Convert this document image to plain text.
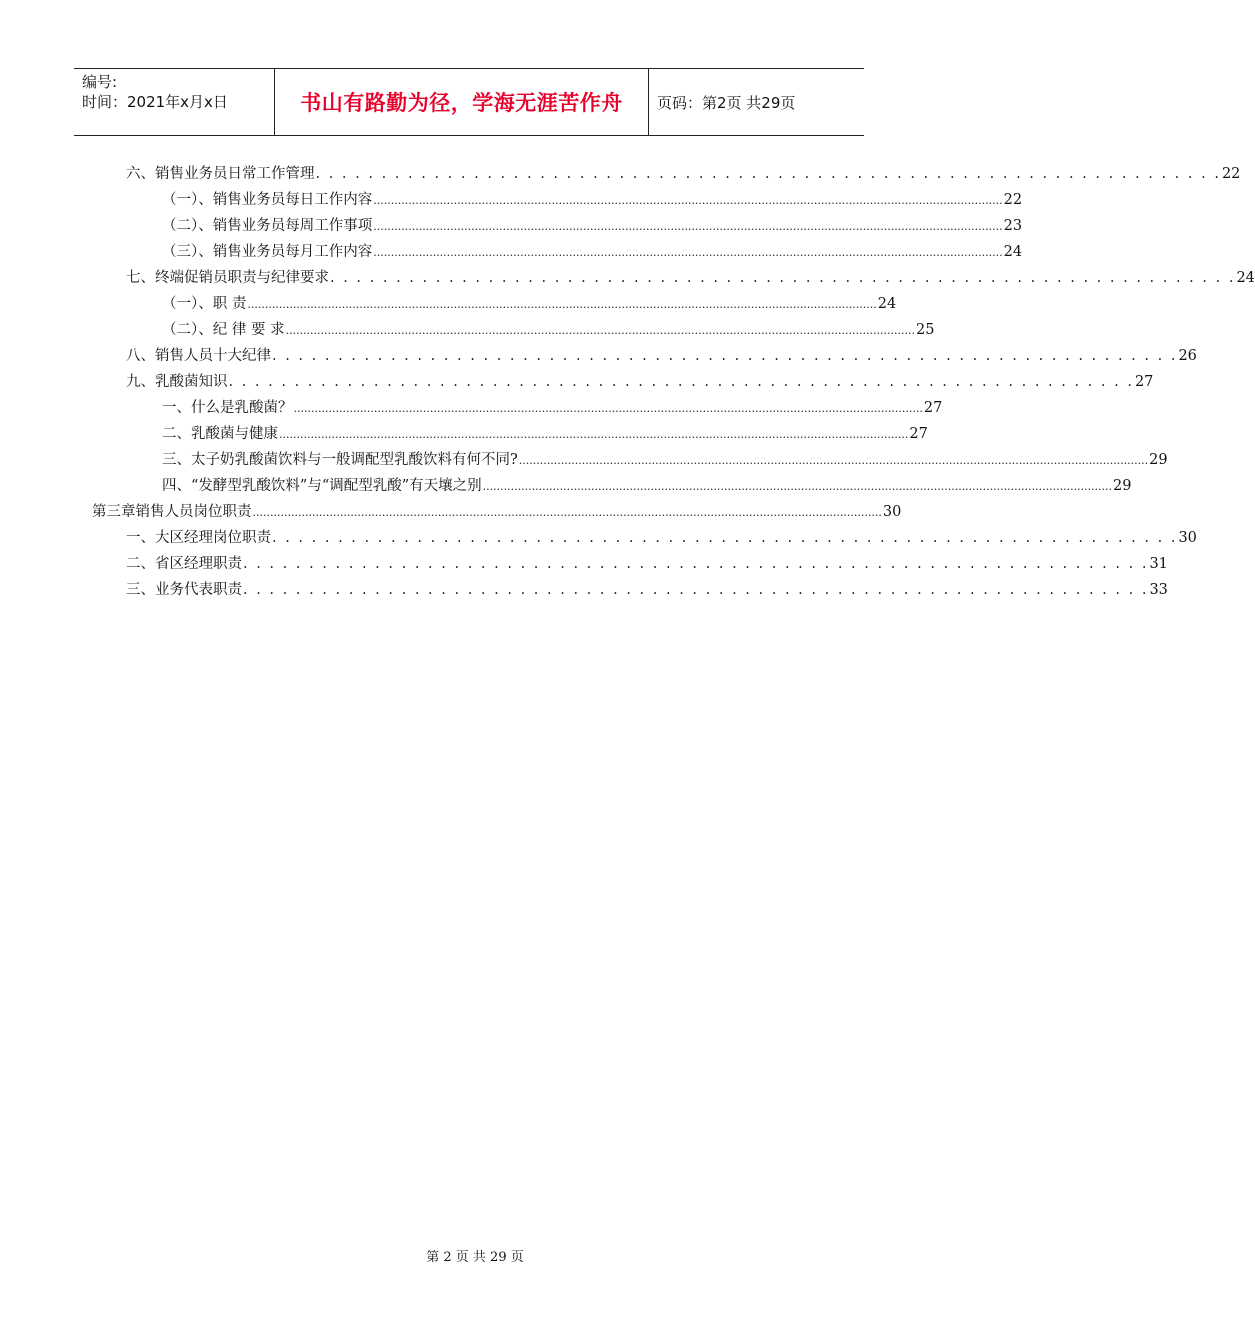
编号:
时间：2021年x月x日	书山有路勤为径，学海无涯苦作舟	页码：第2页 共29页
六、销售业务员日常工作管理 . . . . . . . . . . . . . . . . . . . . . . . . . . . . . . . . . . . . . . . . . . . . . . . . . . . . . . . . . . . . . . . . . . . . . 22
（一）、销售业务员每日工作内容 .................................................................................................................................................................................... 22
（二）、销售业务员每周工作事项 .................................................................................................................................................................................... 23
（三）、销售业务员每月工作内容 .................................................................................................................................................................................... 24
七、终端促销员职责与纪律要求 . . . . . . . . . . . . . . . . . . . . . . . . . . . . . . . . . . . . . . . . . . . . . . . . . . . . . . . . . . . . . . . . . . . . . 24
（一）、职 责 .................................................................................................................................................................................... 24
（二）、纪 律 要 求 .................................................................................................................................................................................... 25
八、销售人员十大纪律 . . . . . . . . . . . . . . . . . . . . . . . . . . . . . . . . . . . . . . . . . . . . . . . . . . . . . . . . . . . . . . . . . . . . . 26
九、乳酸菌知识 . . . . . . . . . . . . . . . . . . . . . . . . . . . . . . . . . . . . . . . . . . . . . . . . . . . . . . . . . . . . . . . . . . . . . 27
一、什么是乳酸菌？ .................................................................................................................................................................................... 27
二、乳酸菌与健康 .................................................................................................................................................................................... 27
三、太子奶乳酸菌饮料与一般调配型乳酸饮料有何不同? .................................................................................................................................................................................... 29
四、“发酵型乳酸饮料”与“调配型乳酸”有天壤之别 .................................................................................................................................................................................... 29
第三章 销售人员岗位职责 .................................................................................................................................................................................... 30
一、大区经理岗位职责 . . . . . . . . . . . . . . . . . . . . . . . . . . . . . . . . . . . . . . . . . . . . . . . . . . . . . . . . . . . . . . . . . . . . . 30
二、省区经理职责 . . . . . . . . . . . . . . . . . . . . . . . . . . . . . . . . . . . . . . . . . . . . . . . . . . . . . . . . . . . . . . . . . . . . . 31
三、业务代表职责 . . . . . . . . . . . . . . . . . . . . . . . . . . . . . . . . . . . . . . . . . . . . . . . . . . . . . . . . . . . . . . . . . . . . . 33
第 2 页 共 29 页
